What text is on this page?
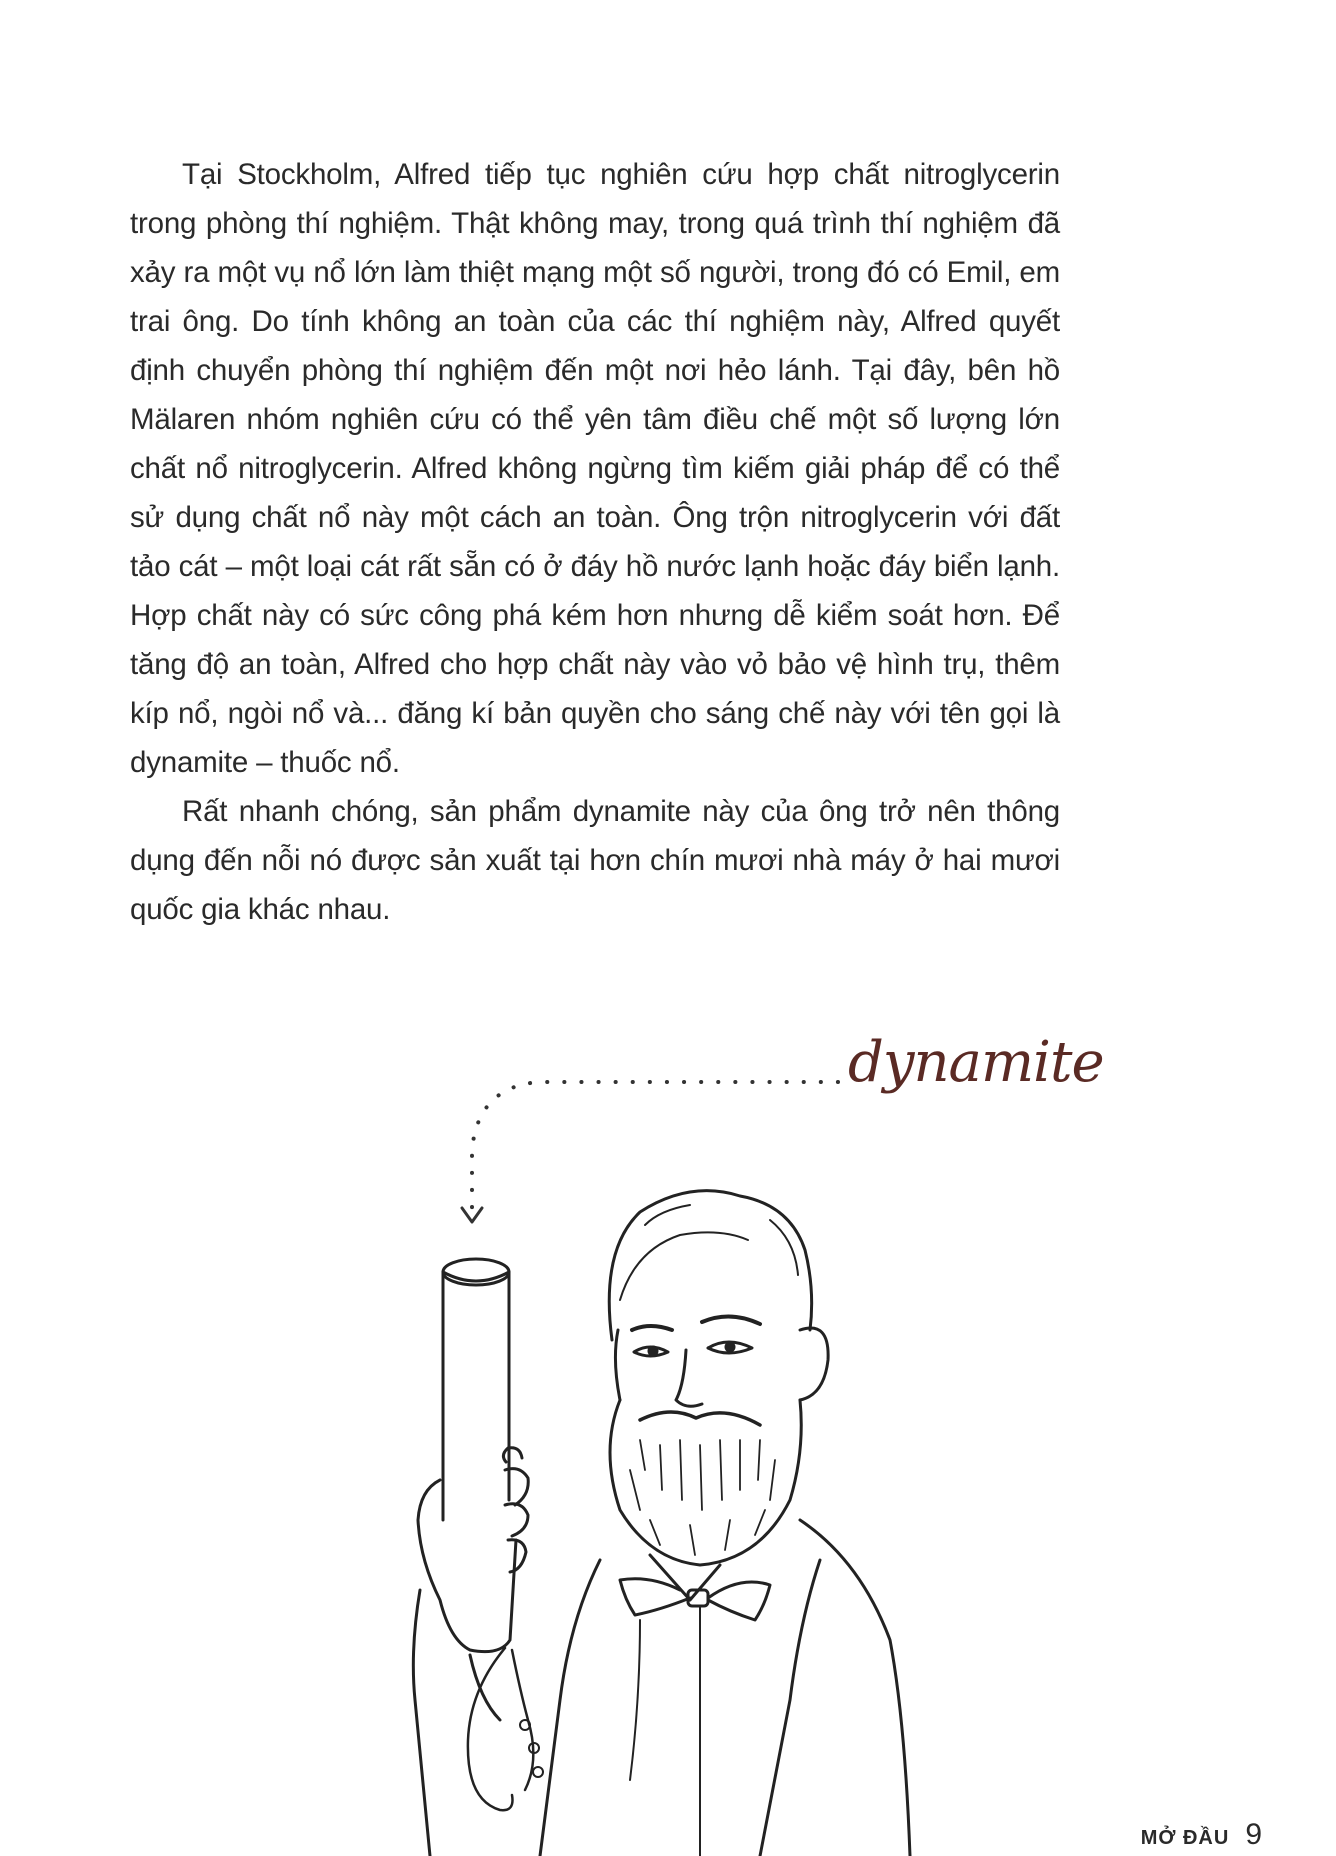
Tại Stockholm, Alfred tiếp tục nghiên cứu hợp chất nitroglycerin trong phòng thí nghiệm. Thật không may, trong quá trình thí nghiệm đã xảy ra một vụ nổ lớn làm thiệt mạng một số người, trong đó có Emil, em trai ông. Do tính không an toàn của các thí nghiệm này, Alfred quyết định chuyển phòng thí nghiệm đến một nơi hẻo lánh. Tại đây, bên hồ Mälaren nhóm nghiên cứu có thể yên tâm điều chế một số lượng lớn chất nổ nitroglycerin. Alfred không ngừng tìm kiếm giải pháp để có thể sử dụng chất nổ này một cách an toàn. Ông trộn nitroglycerin với đất tảo cát – một loại cát rất sẵn có ở đáy hồ nước lạnh hoặc đáy biển lạnh. Hợp chất này có sức công phá kém hơn nhưng dễ kiểm soát hơn. Để tăng độ an toàn, Alfred cho hợp chất này vào vỏ bảo vệ hình trụ, thêm kíp nổ, ngòi nổ và... đăng kí bản quyền cho sáng chế này với tên gọi là dynamite – thuốc nổ.

Rất nhanh chóng, sản phẩm dynamite này của ông trở nên thông dụng đến nỗi nó được sản xuất tại hơn chín mươi nhà máy ở hai mươi quốc gia khác nhau.

dynamite
MỞ ĐẦU 9
